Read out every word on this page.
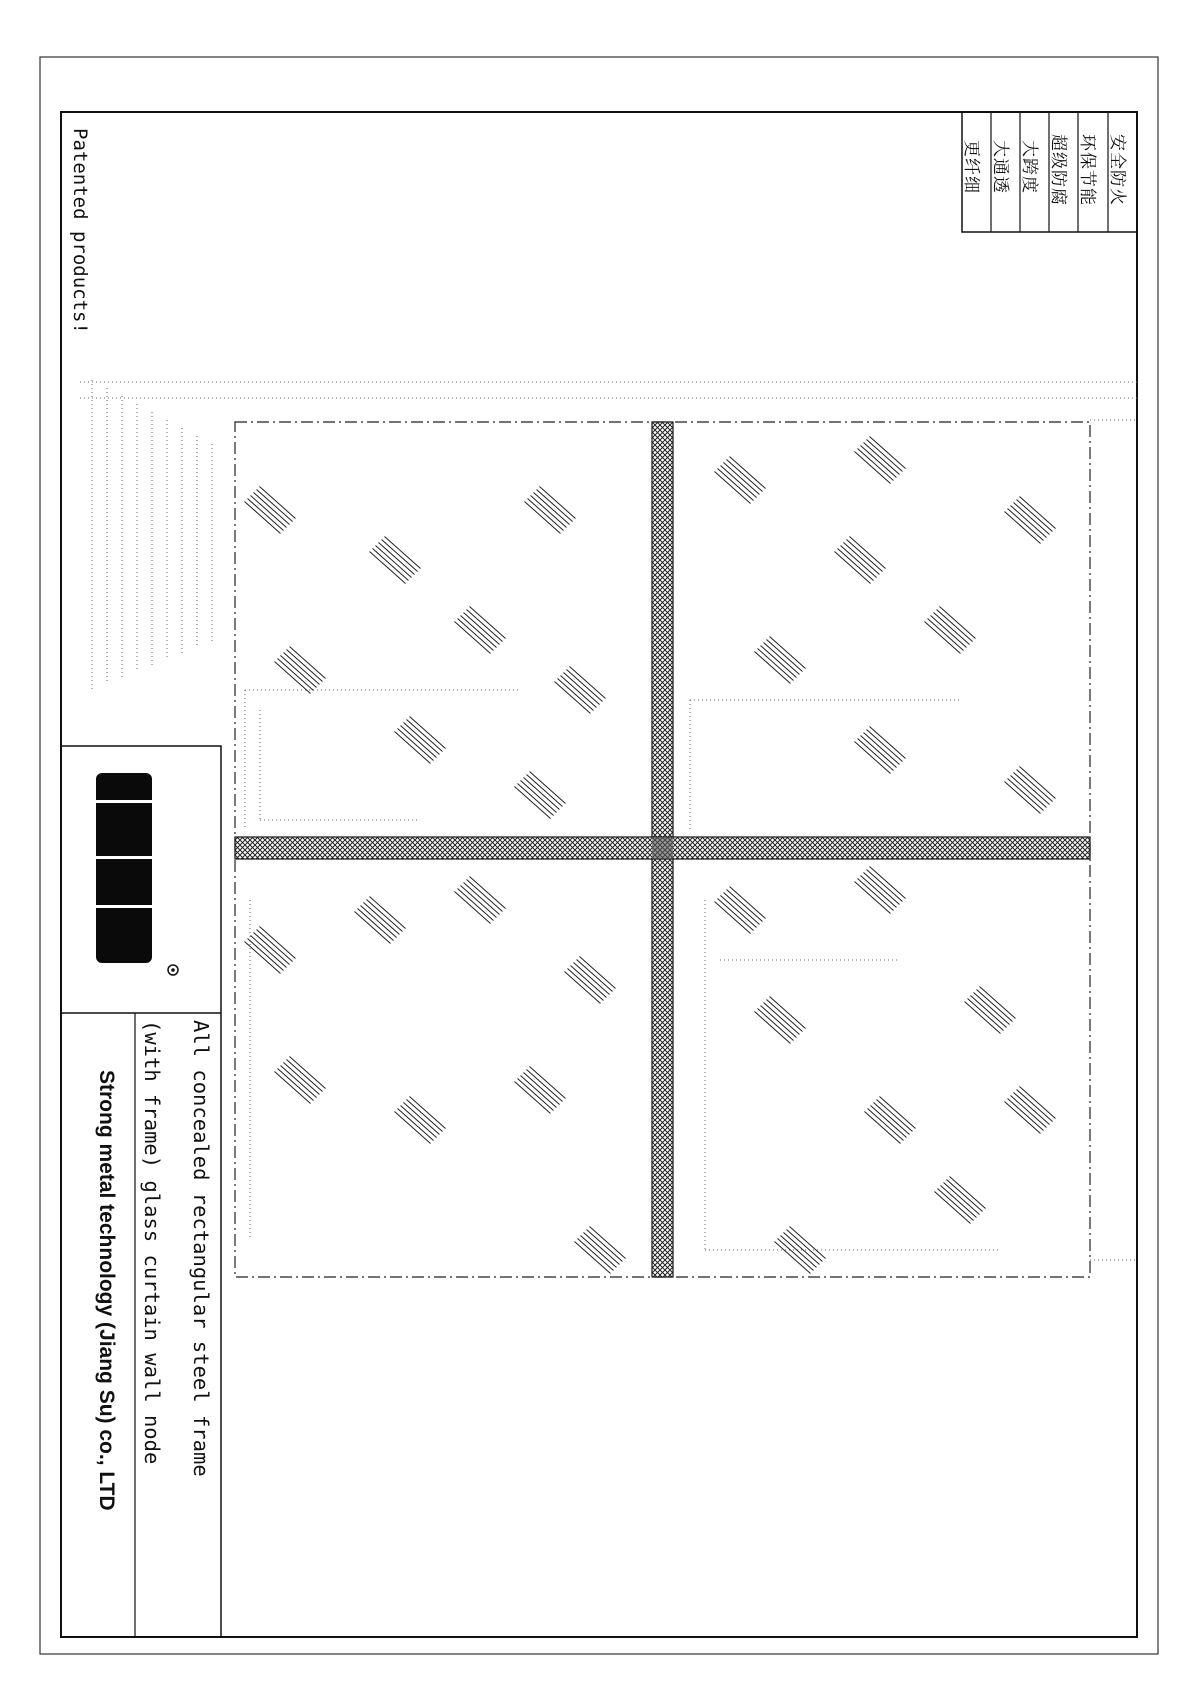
Patented products!	安全防火
环保节能
超级防腐
大跨度
大通透
更纤细
All concealed rectangular steel frame
(with frame) glass curtain wall node
Strong metal technology (Jiang Su) co., LTD
